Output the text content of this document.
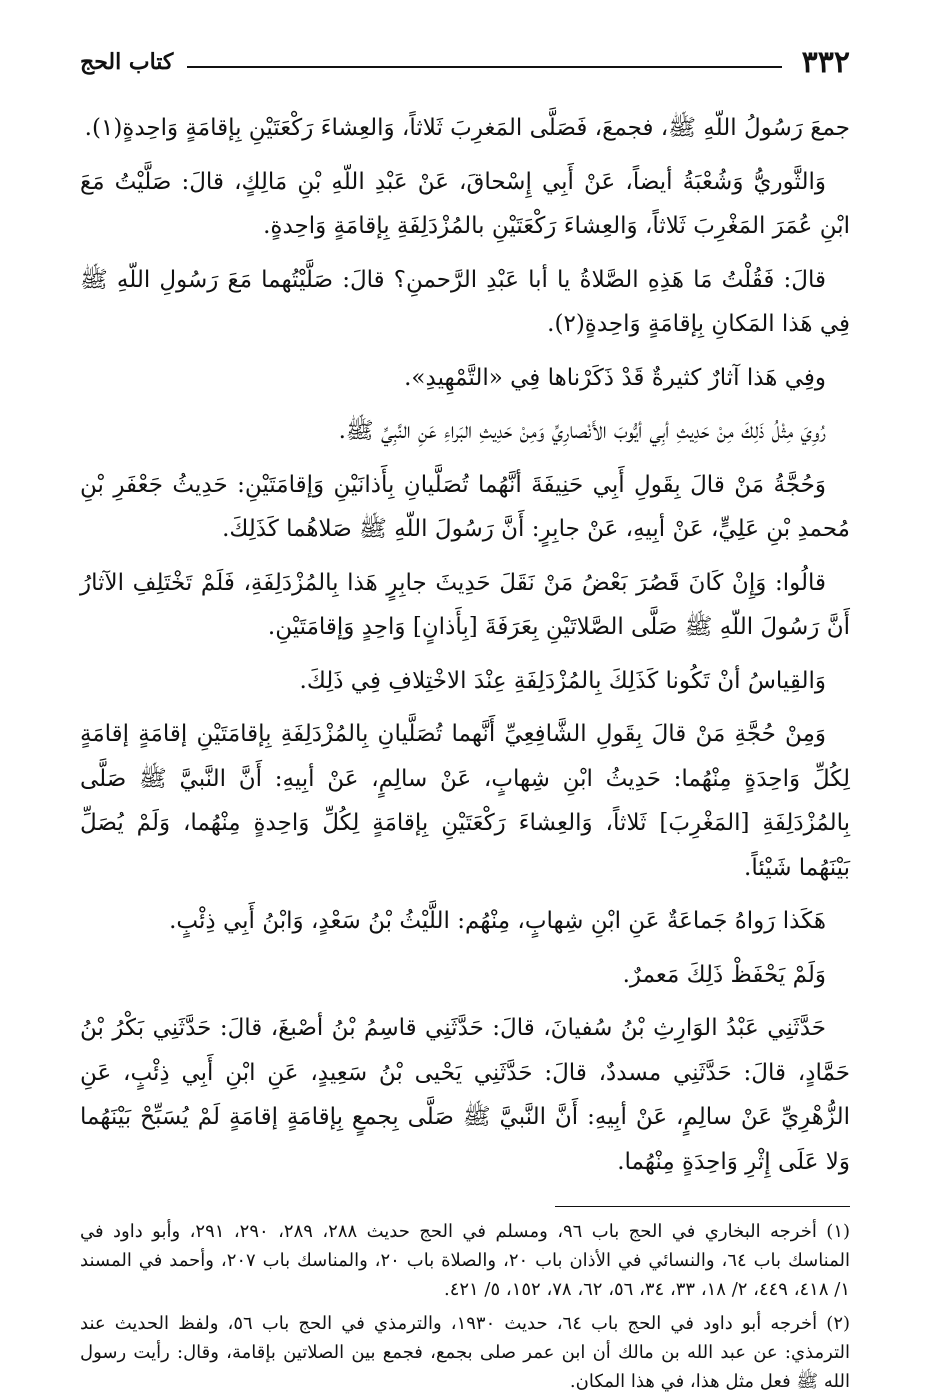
٣٣٢
كتاب الحج

جمعَ رَسُولُ اللّهِ ﷺ، فجمعَ، فَصَلَّى المَغرِبَ ثَلاثاً، وَالعِشاءَ رَكْعَتَيْنِ بِإقامَةٍ وَاحِدةٍ(١).

وَالثَّوريُّ وَشُعْبَةُ أيضاً، عَنْ أَبِي إِسْحاقَ، عَنْ عَبْدِ اللّهِ بْنِ مَالِكٍ، قالَ: صَلَّيْتُ مَعَ ابْنِ عُمَرَ المَغْرِبَ ثَلاثاً، وَالعِشاءَ رَكْعَتَيْنِ بالمُزْدَلِفَةِ بِإقامَةٍ وَاحِدةٍ.

قالَ: فَقُلْتُ مَا هَذِهِ الصَّلاةُ يا أبا عَبْدِ الرَّحمنِ؟ قالَ: صَلَّيْتُهما مَعَ رَسُولِ اللّهِ ﷺ فِي هَذا المَكانِ بِإقامَةٍ وَاحِدةٍ(٢).

وفِي هَذا آثارٌ كثيرةٌ قَدْ ذَكَرْناها فِي «التَّمْهِيدِ».

رُوِيَ مِثْلُ ذَلِكَ مِنْ حَدِيثِ أبِي أيُّوبَ الأَنْصارِيِّ وَمِنْ حَدِيثِ البَراءِ عَنِ النَّبِيِّ ﷺ.

وَحُجَّةُ مَنْ قالَ بِقَولِ أَبِي حَنِيفَةَ أنَّهُما تُصَلَّيانِ بِأَذانَيْنِ وَإقامَتَيْنِ: حَدِيثُ جَعْفَرِ بْنِ مُحمدِ بْنِ عَلِيٍّ، عَنْ أبِيهِ، عَنْ جابِرٍ: أَنَّ رَسُولَ اللّهِ ﷺ صَلاهُما كَذَلِكَ.

قالُوا: وَإِنْ كَانَ قَصُرَ بَعْضُ مَنْ نَقَلَ حَدِيثَ جابِرٍ هَذا بِالمُزْدَلِفَةِ، فَلَمْ تَخْتَلِفِ الآثارُ أَنَّ رَسُولَ اللّهِ ﷺ صَلَّى الصَّلاتَيْنِ بِعَرَفَةَ [بِأَذانٍ] وَاحِدٍ وَإقامَتَيْنِ.

وَالقِياسُ أنْ تَكُونا كَذَلِكَ بِالمُزْدَلِفَةِ عِنْدَ الاخْتِلافِ فِي ذَلِكَ.

وَمِنْ حُجَّةِ مَنْ قالَ بِقَولِ الشَّافِعِيِّ أَنَّهما تُصَلَّيانِ بِالمُزْدَلِفَةِ بِإقامَتَيْنِ إقامَةٍ إقامَةٍ لِكُلِّ وَاحِدَةٍ مِنْهُما: حَدِيثُ ابْنِ شِهابٍ، عَنْ سالِمٍ، عَنْ أبِيهِ: أَنَّ النَّبيَّ ﷺ صَلَّى بِالمُزْدَلِفَةِ [المَغْرِبَ] ثَلاثاً، وَالعِشاءَ رَكْعَتَيْنِ بِإقامَةٍ لِكُلِّ وَاحِدةٍ مِنْهُما، وَلَمْ يُصَلِّ بَيْنَهُما شَيْئاً.

هَكَذا رَواهُ جَماعَةٌ عَنِ ابْنِ شِهابٍ، مِنْهُم: اللَّيْثُ بْنُ سَعْدٍ، وَابْنُ أَبِي ذِئْبٍ.

وَلَمْ يَحْفَظْ ذَلِكَ مَعمرٌ.

حَدَّثَنِي عَبْدُ الوَارِثِ بْنُ سُفيانَ، قالَ: حَدَّثَنِي قاسِمُ بْنُ أصْبغَ، قالَ: حَدَّثَنِي بَكْرُ بْنُ حَمَّادٍ، قالَ: حَدَّثَنِي مسددٌ، قالَ: حَدَّثَنِي يَحْيى بْنُ سَعِيدٍ، عَنِ ابْنِ أَبِي ذِئْبٍ، عَنِ الزُّهْرِيِّ عَنْ سالِمٍ، عَنْ أبِيهِ: أَنَّ النَّبيَّ ﷺ صَلَّى بِجمعٍ بِإقامَةٍ إقامَةٍ لَمْ يُسَبِّحْ بَيْنَهُما وَلا عَلَى إِثْرِ وَاحِدَةٍ مِنْهُما.

(١) أخرجه البخاري في الحج باب ٩٦، ومسلم في الحج حديث ٢٨٨، ٢٨٩، ٢٩٠، ٢٩١، وأبو داود في المناسك باب ٦٤، والنسائي في الأذان باب ٢٠، والصلاة باب ٢٠، والمناسك باب ٢٠٧، وأحمد في المسند ١/ ٤١٨، ٤٤٩، ٢/ ١٨، ٣٣، ٣٤، ٥٦، ٦٢، ٧٨، ١٥٢، ٥/ ٤٢١.

(٢) أخرجه أبو داود في الحج باب ٦٤، حديث ١٩٣٠، والترمذي في الحج باب ٥٦، ولفظ الحديث عند الترمذي: عن عبد الله بن مالك أن ابن عمر صلى بجمع، فجمع بين الصلاتين بإقامة، وقال: رأيت رسول الله ﷺ فعل مثل هذا، في هذا المكان.
